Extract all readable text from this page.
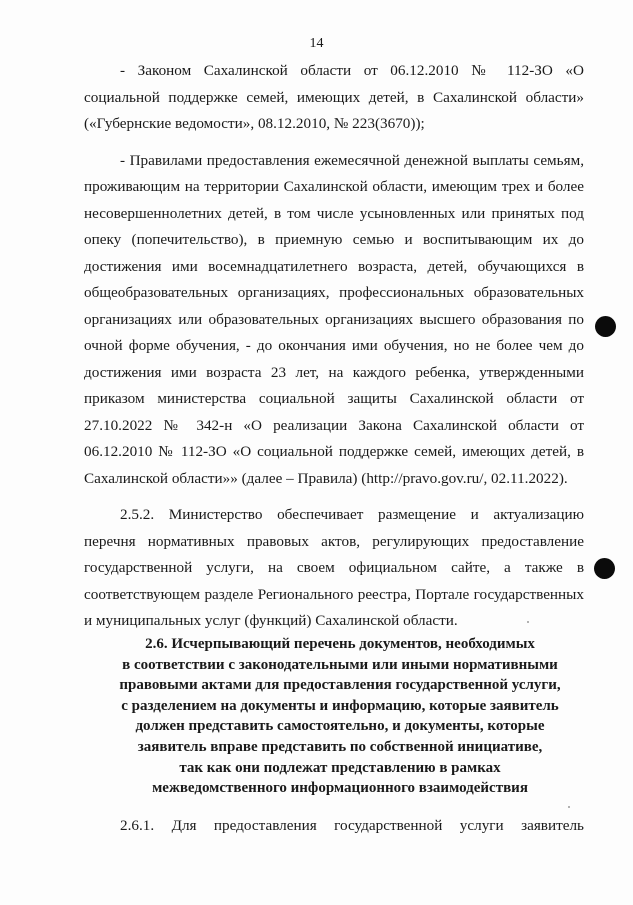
14

- Законом Сахалинской области от 06.12.2010 № 112-ЗО «О социальной поддержке семей, имеющих детей, в Сахалинской области» («Губернские ведомости», 08.12.2010, № 223(3670));

- Правилами предоставления ежемесячной денежной выплаты семьям, проживающим на территории Сахалинской области, имеющим трех и более несовершеннолетних детей, в том числе усыновленных или принятых под опеку (попечительство), в приемную семью и воспитывающим их до достижения ими восемнадцатилетнего возраста, детей, обучающихся в общеобразовательных организациях, профессиональных образовательных организациях или образовательных организациях высшего образования по очной форме обучения, - до окончания ими обучения, но не более чем до достижения ими возраста 23 лет, на каждого ребенка, утвержденными приказом министерства социальной защиты Сахалинской области от 27.10.2022 № 342-н «О реализации Закона Сахалинской области от 06.12.2010 № 112-ЗО «О социальной поддержке семей, имеющих детей, в Сахалинской области»» (далее – Правила) (http://pravo.gov.ru/, 02.11.2022).

2.5.2. Министерство обеспечивает размещение и актуализацию перечня нормативных правовых актов, регулирующих предоставление государственной услуги, на своем официальном сайте, а также в соответствующем разделе Регионального реестра, Портале государственных и муниципальных услуг (функций) Сахалинской области.

2.6. Исчерпывающий перечень документов, необходимых
в соответствии с законодательными или иными нормативными
правовыми актами для предоставления государственной услуги,
с разделением на документы и информацию, которые заявитель
должен представить самостоятельно, и документы, которые
заявитель вправе представить по собственной инициативе,
так как они подлежат представлению в рамках
межведомственного информационного взаимодействия
2.6.1. Для предоставления государственной услуги заявитель
